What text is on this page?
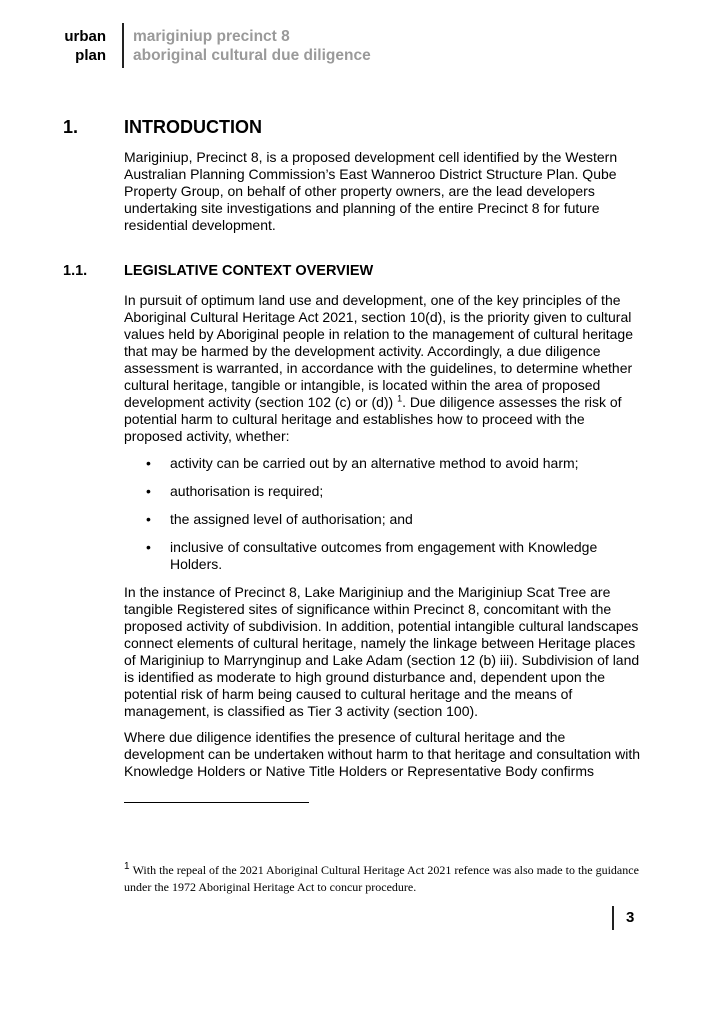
urban
plan
mariginiup precinct 8
aboriginal cultural due diligence
1.	INTRODUCTION

Mariginiup, Precinct 8, is a proposed development cell identified by the Western Australian Planning Commission’s East Wanneroo District Structure Plan. Qube Property Group, on behalf of other property owners, are the lead developers undertaking site investigations and planning of the entire Precinct 8 for future residential development.

1.1.	LEGISLATIVE CONTEXT OVERVIEW

In pursuit of optimum land use and development, one of the key principles of the Aboriginal Cultural Heritage Act 2021, section 10(d), is the priority given to cultural values held by Aboriginal people in relation to the management of cultural heritage that may be harmed by the development activity. Accordingly, a due diligence assessment is warranted, in accordance with the guidelines, to determine whether cultural heritage, tangible or intangible, is located within the area of proposed development activity (section 102 (c) or (d)) $^1$. Due diligence assesses the risk of potential harm to cultural heritage and establishes how to proceed with the proposed activity, whether:

• activity can be carried out by an alternative method to avoid harm;
• authorisation is required;
• the assigned level of authorisation; and
• inclusive of consultative outcomes from engagement with Knowledge Holders.

In the instance of Precinct 8, Lake Mariginiup and the Mariginiup Scat Tree are tangible Registered sites of significance within Precinct 8, concomitant with the proposed activity of subdivision. In addition, potential intangible cultural landscapes connect elements of cultural heritage, namely the linkage between Heritage places of Mariginiup to Marrynginup and Lake Adam (section 12 (b) iii). Subdivision of land is identified as moderate to high ground disturbance and, dependent upon the potential risk of harm being caused to cultural heritage and the means of management, is classified as Tier 3 activity (section 100).

Where due diligence identifies the presence of cultural heritage and the development can be undertaken without harm to that heritage and consultation with Knowledge Holders or Native Title Holders or Representative Body confirms

$^1$ With the repeal of the 2021 Aboriginal Cultural Heritage Act 2021 refence was also made to the guidance under the 1972 Aboriginal Heritage Act to concur procedure.

3
